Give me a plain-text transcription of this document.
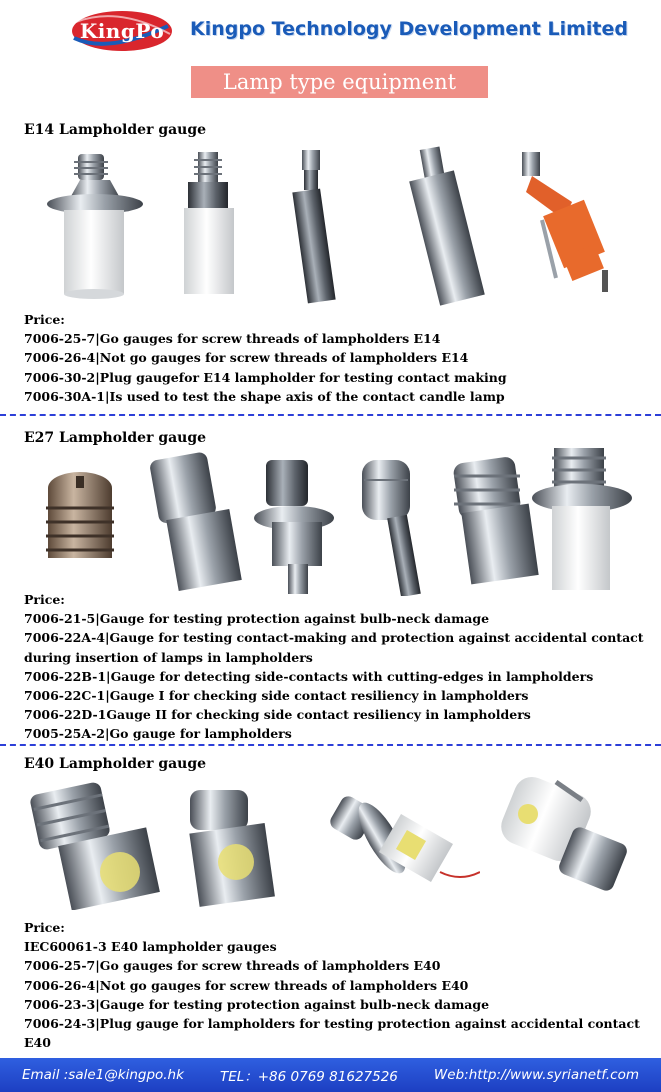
KingPo	Kingpo Technology Development Limited
Lamp type equipment
E14 Lampholder gauge
Price:
7006-25-7|Go gauges for screw threads of lampholders E14
7006-26-4|Not go gauges for screw threads of lampholders E14
7006-30-2|Plug gaugefor E14 lampholder for testing contact making
7006-30A-1|Is used to test the shape axis of the contact candle lamp
E27 Lampholder gauge
Price:
7006-21-5|Gauge for testing protection against bulb-neck damage
7006-22A-4|Gauge for testing contact-making and protection against accidental contact during insertion of lamps in lampholders
7006-22B-1|Gauge for detecting side-contacts with cutting-edges in lampholders
7006-22C-1|Gauge I for checking side contact resiliency in lampholders
7006-22D-1Gauge II for checking side contact resiliency in lampholders
7005-25A-2|Go gauge for lampholders
E40 Lampholder gauge
Price:
IEC60061-3 E40 lampholder gauges
7006-25-7|Go gauges for screw threads of lampholders E40
7006-26-4|Not go gauges for screw threads of lampholders E40
7006-23-3|Gauge for testing protection against bulb-neck damage
7006-24-3|Plug gauge for lampholders for testing protection against accidental contact E40
Email :sale1@kingpo.hk	TEL：+86 0769 81627526	Web:http://www.syrianetf.com
